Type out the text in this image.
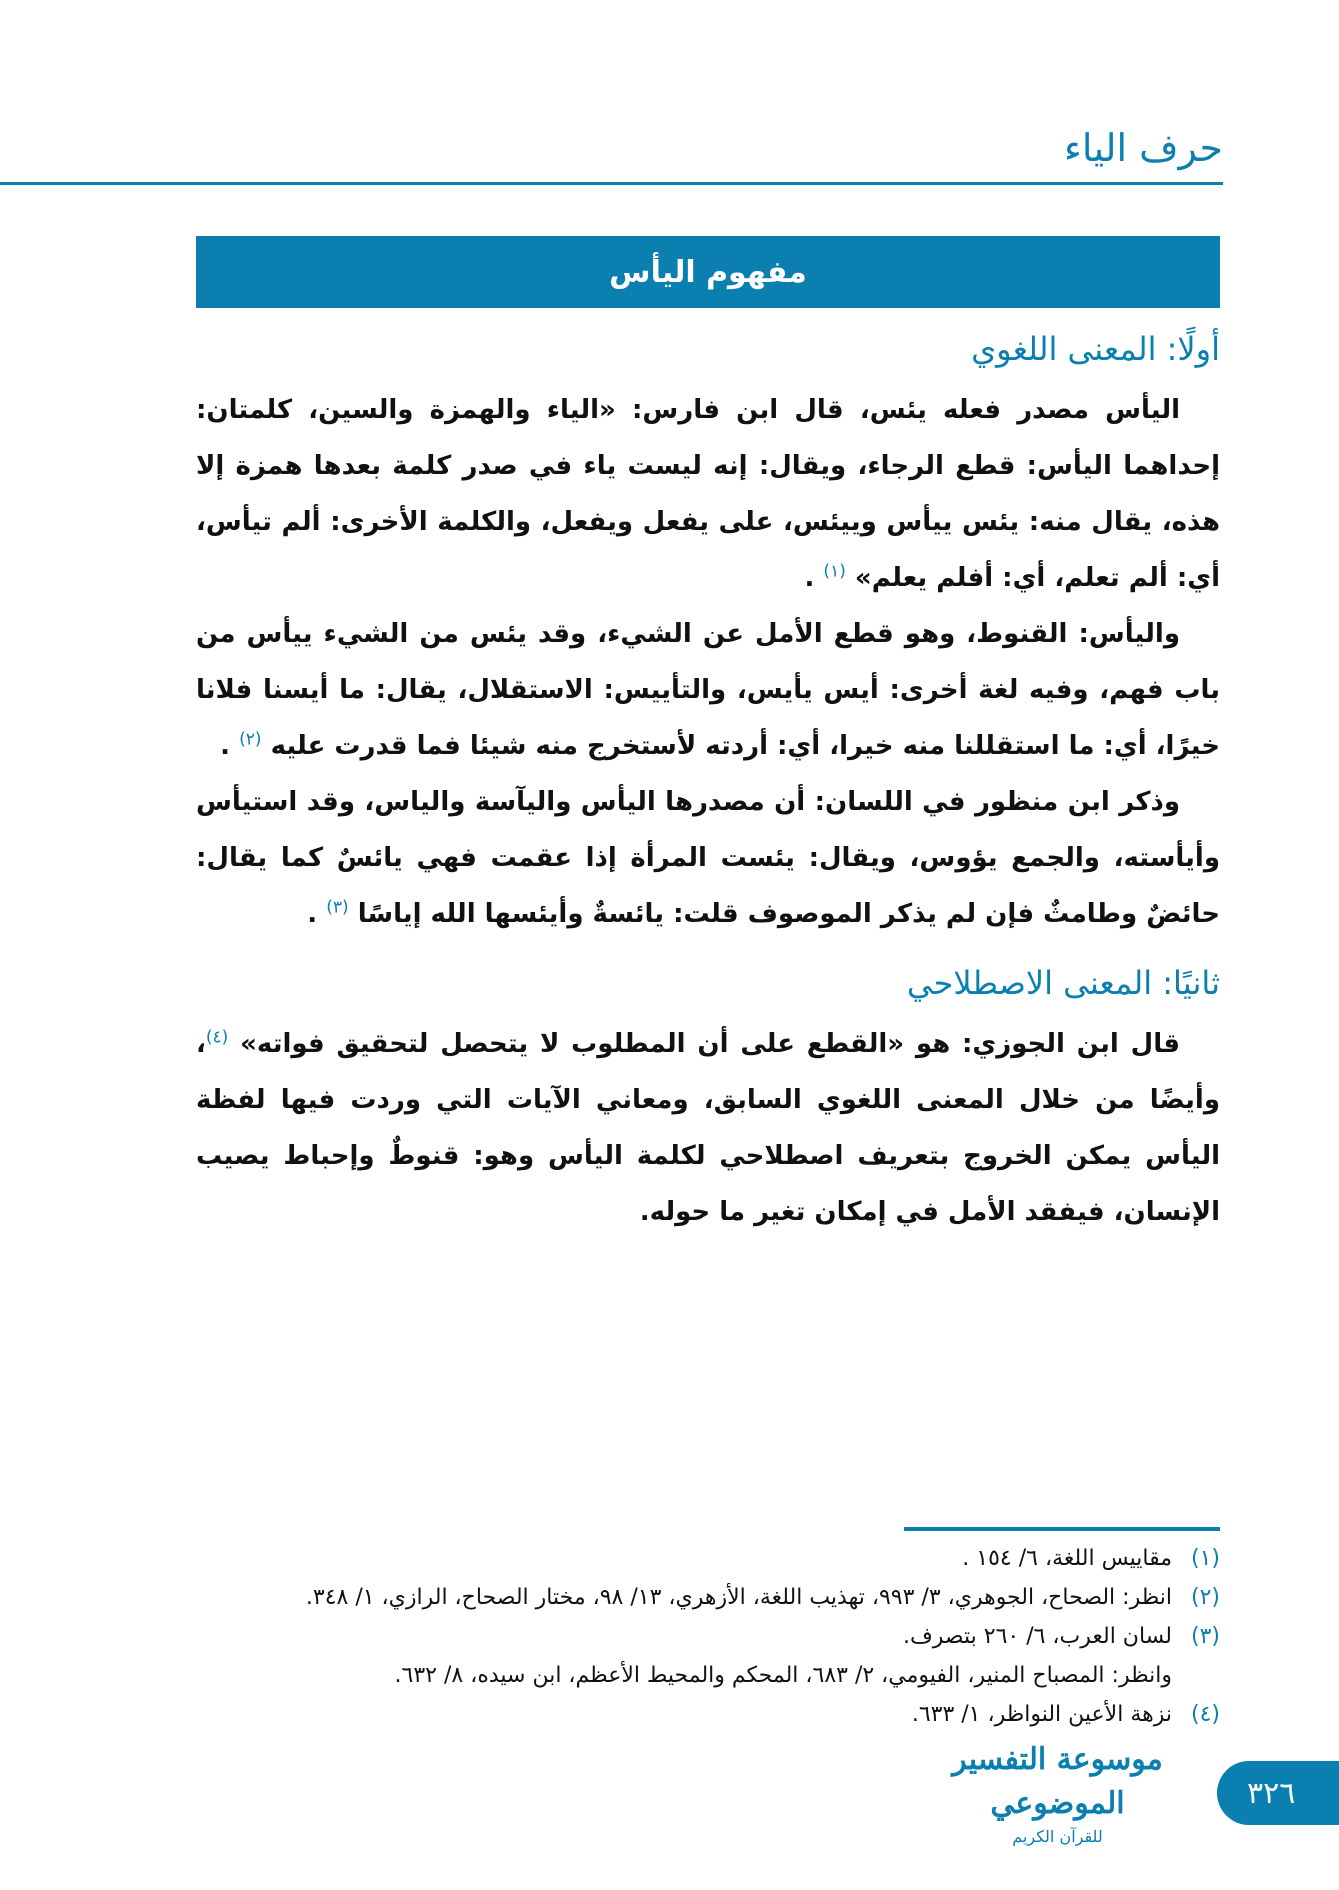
حرف الياء
مفهوم اليأس
أولًا: المعنى اللغوي

اليأس مصدر فعله يئس، قال ابن فارس: «الياء والهمزة والسين، كلمتان: إحداهما اليأس: قطع الرجاء، ويقال: إنه ليست ياء في صدر كلمة بعدها همزة إلا هذه، يقال منه: يئس ييأس وييئس، على يفعل ويفعل، والكلمة الأخرى: ألم تيأس، أي: ألم تعلم، أي: أفلم يعلم» $^{(١)}$ .

واليأس: القنوط، وهو قطع الأمل عن الشيء، وقد يئس من الشيء ييأس من باب فهم، وفيه لغة أخرى: أيس يأيس، والتأييس: الاستقلال، يقال: ما أيسنا فلانا خيرًا، أي: ما استقللنا منه خيرا، أي: أردته لأستخرج منه شيئا فما قدرت عليه $^{(٢)}$ .

وذكر ابن منظور في اللسان: أن مصدرها اليأس واليآسة والياس، وقد استيأس وأيأسته، والجمع يؤوس، ويقال: يئست المرأة إذا عقمت فهي يائسٌ كما يقال: حائضٌ وطامثٌ فإن لم يذكر الموصوف قلت: يائسةٌ وأيئسها الله إياسًا $^{(٣)}$ .

ثانيًا: المعنى الاصطلاحي

قال ابن الجوزي: هو «القطع على أن المطلوب لا يتحصل لتحقيق فواته» $^{(٤)}$، وأيضًا من خلال المعنى اللغوي السابق، ومعاني الآيات التي وردت فيها لفظة اليأس يمكن الخروج بتعريف اصطلاحي لكلمة اليأس وهو: قنوطٌ وإحباط يصيب الإنسان، فيفقد الأمل في إمكان تغير ما حوله.

(١)
مقاييس اللغة، ٦/ ١٥٤ .
(٢)
انظر: الصحاح، الجوهري، ٣/ ٩٩٣، تهذيب اللغة، الأزهري، ١٣/ ٩٨، مختار الصحاح، الرازي، ١/ ٣٤٨.
(٣)
لسان العرب، ٦/ ٢٦٠ بتصرف.
وانظر: المصباح المنير، الفيومي، ٢/ ٦٨٣، المحكم والمحيط الأعظم، ابن سيده، ٨/ ٦٣٢.
(٤)
نزهة الأعين النواظر، ١/ ٦٣٣.
موسوعة التفسير الموضوعي
للقرآن الكريم
٣٢٦
